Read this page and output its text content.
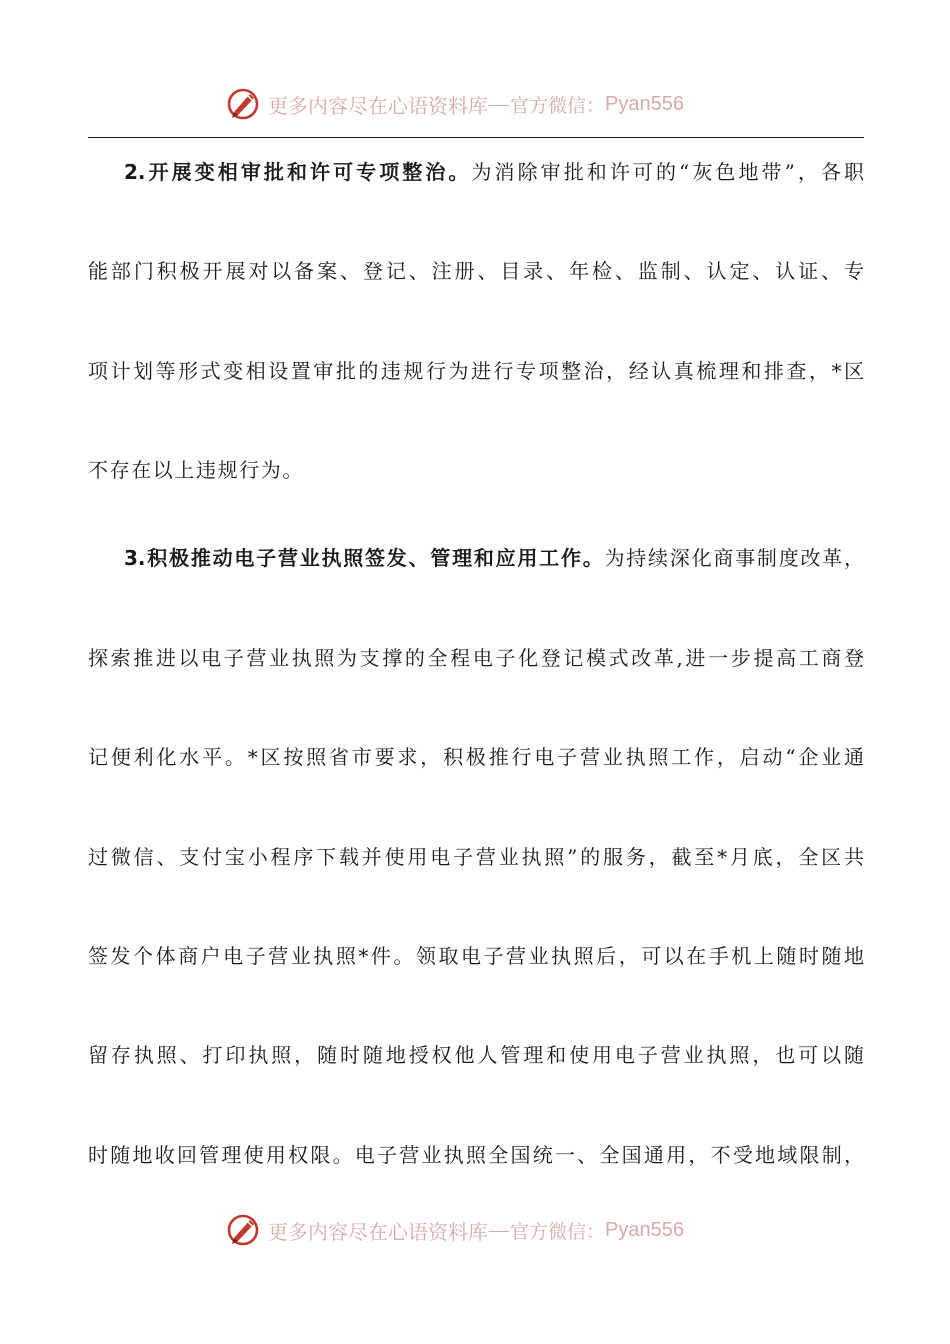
更多内容尽在心语资料库 — 官方微信： Pyan556
2.开展变相审批和许可专项整治。为消除审批和许可的“灰色地带”，各职
能部门积极开展对以备案、登记、注册、目录、年检、监制、认定、认证、专
项计划等形式变相设置审批的违规行为进行专项整治，经认真梳理和排查，*区
不存在以上违规行为。
3.积极推动电子营业执照签发、管理和应用工作。为持续深化商事制度改革，
探索推进以电子营业执照为支撑的全程电子化登记模式改革,进一步提高工商登
记便利化水平。*区按照省市要求，积极推行电子营业执照工作，启动“企业通
过微信、支付宝小程序下载并使用电子营业执照”的服务，截至*月底，全区共
签发个体商户电子营业执照*件。领取电子营业执照后，可以在手机上随时随地
留存执照、打印执照，随时随地授权他人管理和使用电子营业执照，也可以随
时随地收回管理使用权限。电子营业执照全国统一、全国通用，不受地域限制，
更多内容尽在心语资料库 — 官方微信： Pyan556
